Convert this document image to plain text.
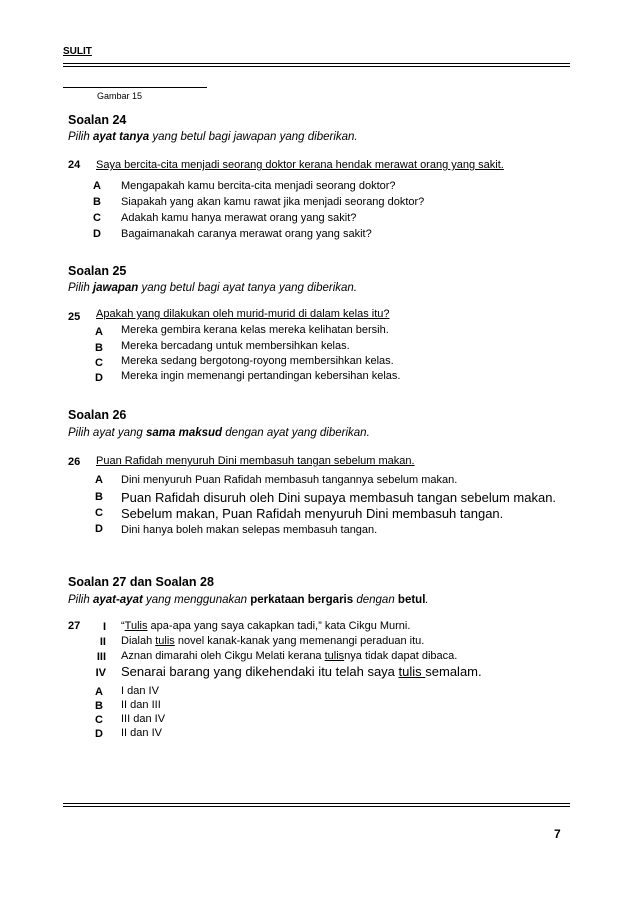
SULIT
Gambar 15
Soalan 24
Pilih ayat tanya yang betul bagi jawapan yang diberikan.
24 Saya bercita-cita menjadi seorang doktor kerana hendak merawat orang yang sakit.
A Mengapakah kamu bercita-cita menjadi seorang doktor?
B Siapakah yang akan kamu rawat jika menjadi seorang doktor?
C Adakah kamu hanya merawat orang yang sakit?
D Bagaimanakah caranya merawat orang yang sakit?
Soalan 25
Pilih jawapan yang betul bagi ayat tanya yang diberikan.
25 Apakah yang dilakukan oleh murid-murid di dalam kelas itu?
A Mereka gembira kerana kelas mereka kelihatan bersih.
B Mereka bercadang untuk membersihkan kelas.
C Mereka sedang bergotong-royong membersihkan kelas.
D Mereka ingin memenangi pertandingan kebersihan kelas.
Soalan 26
Pilih ayat yang sama maksud dengan ayat yang diberikan.
26 Puan Rafidah menyuruh Dini membasuh tangan sebelum makan.
A Dini menyuruh Puan Rafidah membasuh tangannya sebelum makan.
B Puan Rafidah disuruh oleh Dini supaya membasuh tangan sebelum makan.
C Sebelum makan, Puan Rafidah menyuruh Dini membasuh tangan.
D Dini hanya boleh makan selepas membasuh tangan.
Soalan 27 dan Soalan 28
Pilih ayat-ayat yang menggunakan perkataan bergaris dengan betul.
27	I “Tulis apa-apa yang saya cakapkan tadi,” kata Cikgu Murni.
II Dialah tulis novel kanak-kanak yang memenangi peraduan itu.
III Aznan dimarahi oleh Cikgu Melati kerana tulisnya tidak dapat dibaca.
IV Senarai barang yang dikehendaki itu telah saya tulis semalam.
A I dan IV
B II dan III
C III dan IV
D II dan IV
7
